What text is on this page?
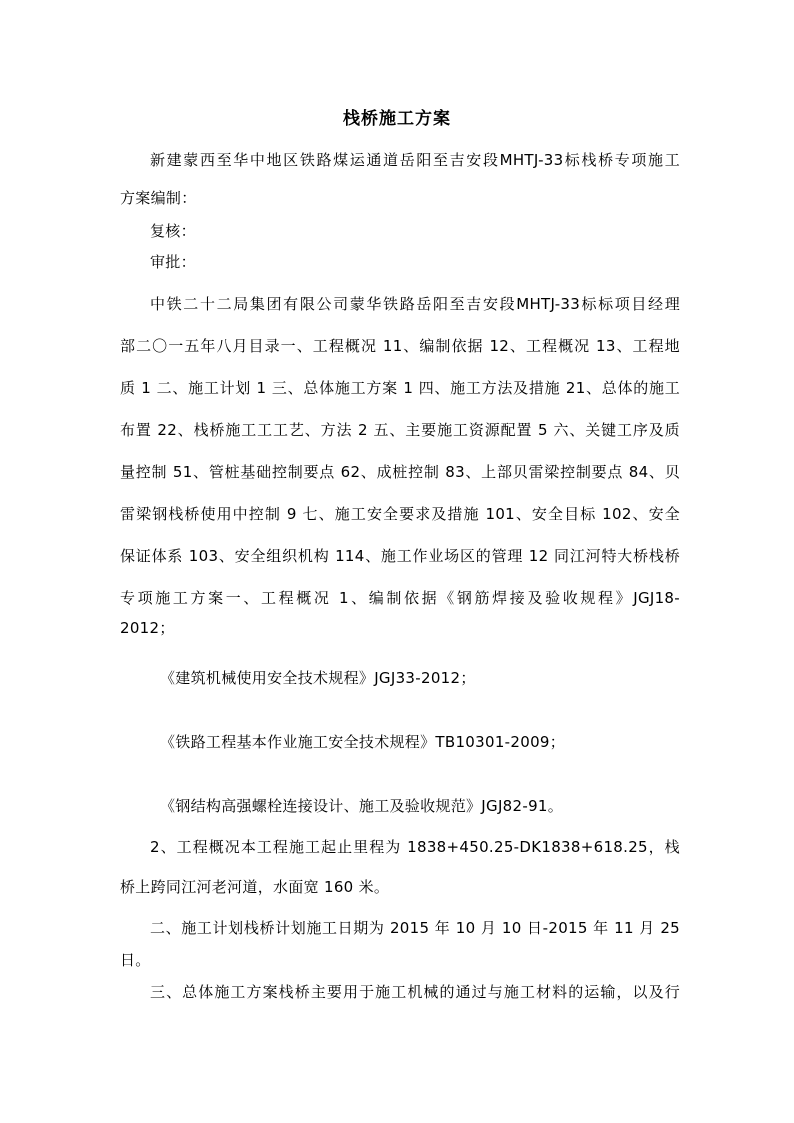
栈桥施工方案
新建蒙西至华中地区铁路煤运通道岳阳至吉安段MHTJ-33标栈桥专项施工
方案编制：
复核：
审批：
中铁二十二局集团有限公司蒙华铁路岳阳至吉安段MHTJ-33标标项目经理
部二〇一五年八月目录一、工程概况 11、编制依据 12、工程概况 13、工程地
质 1 二、施工计划 1 三、总体施工方案 1 四、施工方法及措施 21、总体的施工
布置 22、栈桥施工工工艺、方法 2 五、主要施工资源配置 5 六、关键工序及质
量控制 51、管桩基础控制要点 62、成桩控制 83、上部贝雷梁控制要点 84、贝
雷梁钢栈桥使用中控制 9 七、施工安全要求及措施 101、安全目标 102、安全
保证体系 103、安全组织机构 114、施工作业场区的管理 12 同江河特大桥栈桥
专项施工方案一、工程概况 1、编制依据《钢筋焊接及验收规程》JGJ18-
2012；
《建筑机械使用安全技术规程》JGJ33-2012；
《铁路工程基本作业施工安全技术规程》TB10301-2009；
《钢结构高强螺栓连接设计、施工及验收规范》JGJ82-91。
2、工程概况本工程施工起止里程为 1838+450.25-DK1838+618.25，栈
桥上跨同江河老河道，水面宽 160 米。
二、施工计划栈桥计划施工日期为 2015 年 10 月 10 日-2015 年 11 月 25
日。
三、总体施工方案栈桥主要用于施工机械的通过与施工材料的运输，以及行
